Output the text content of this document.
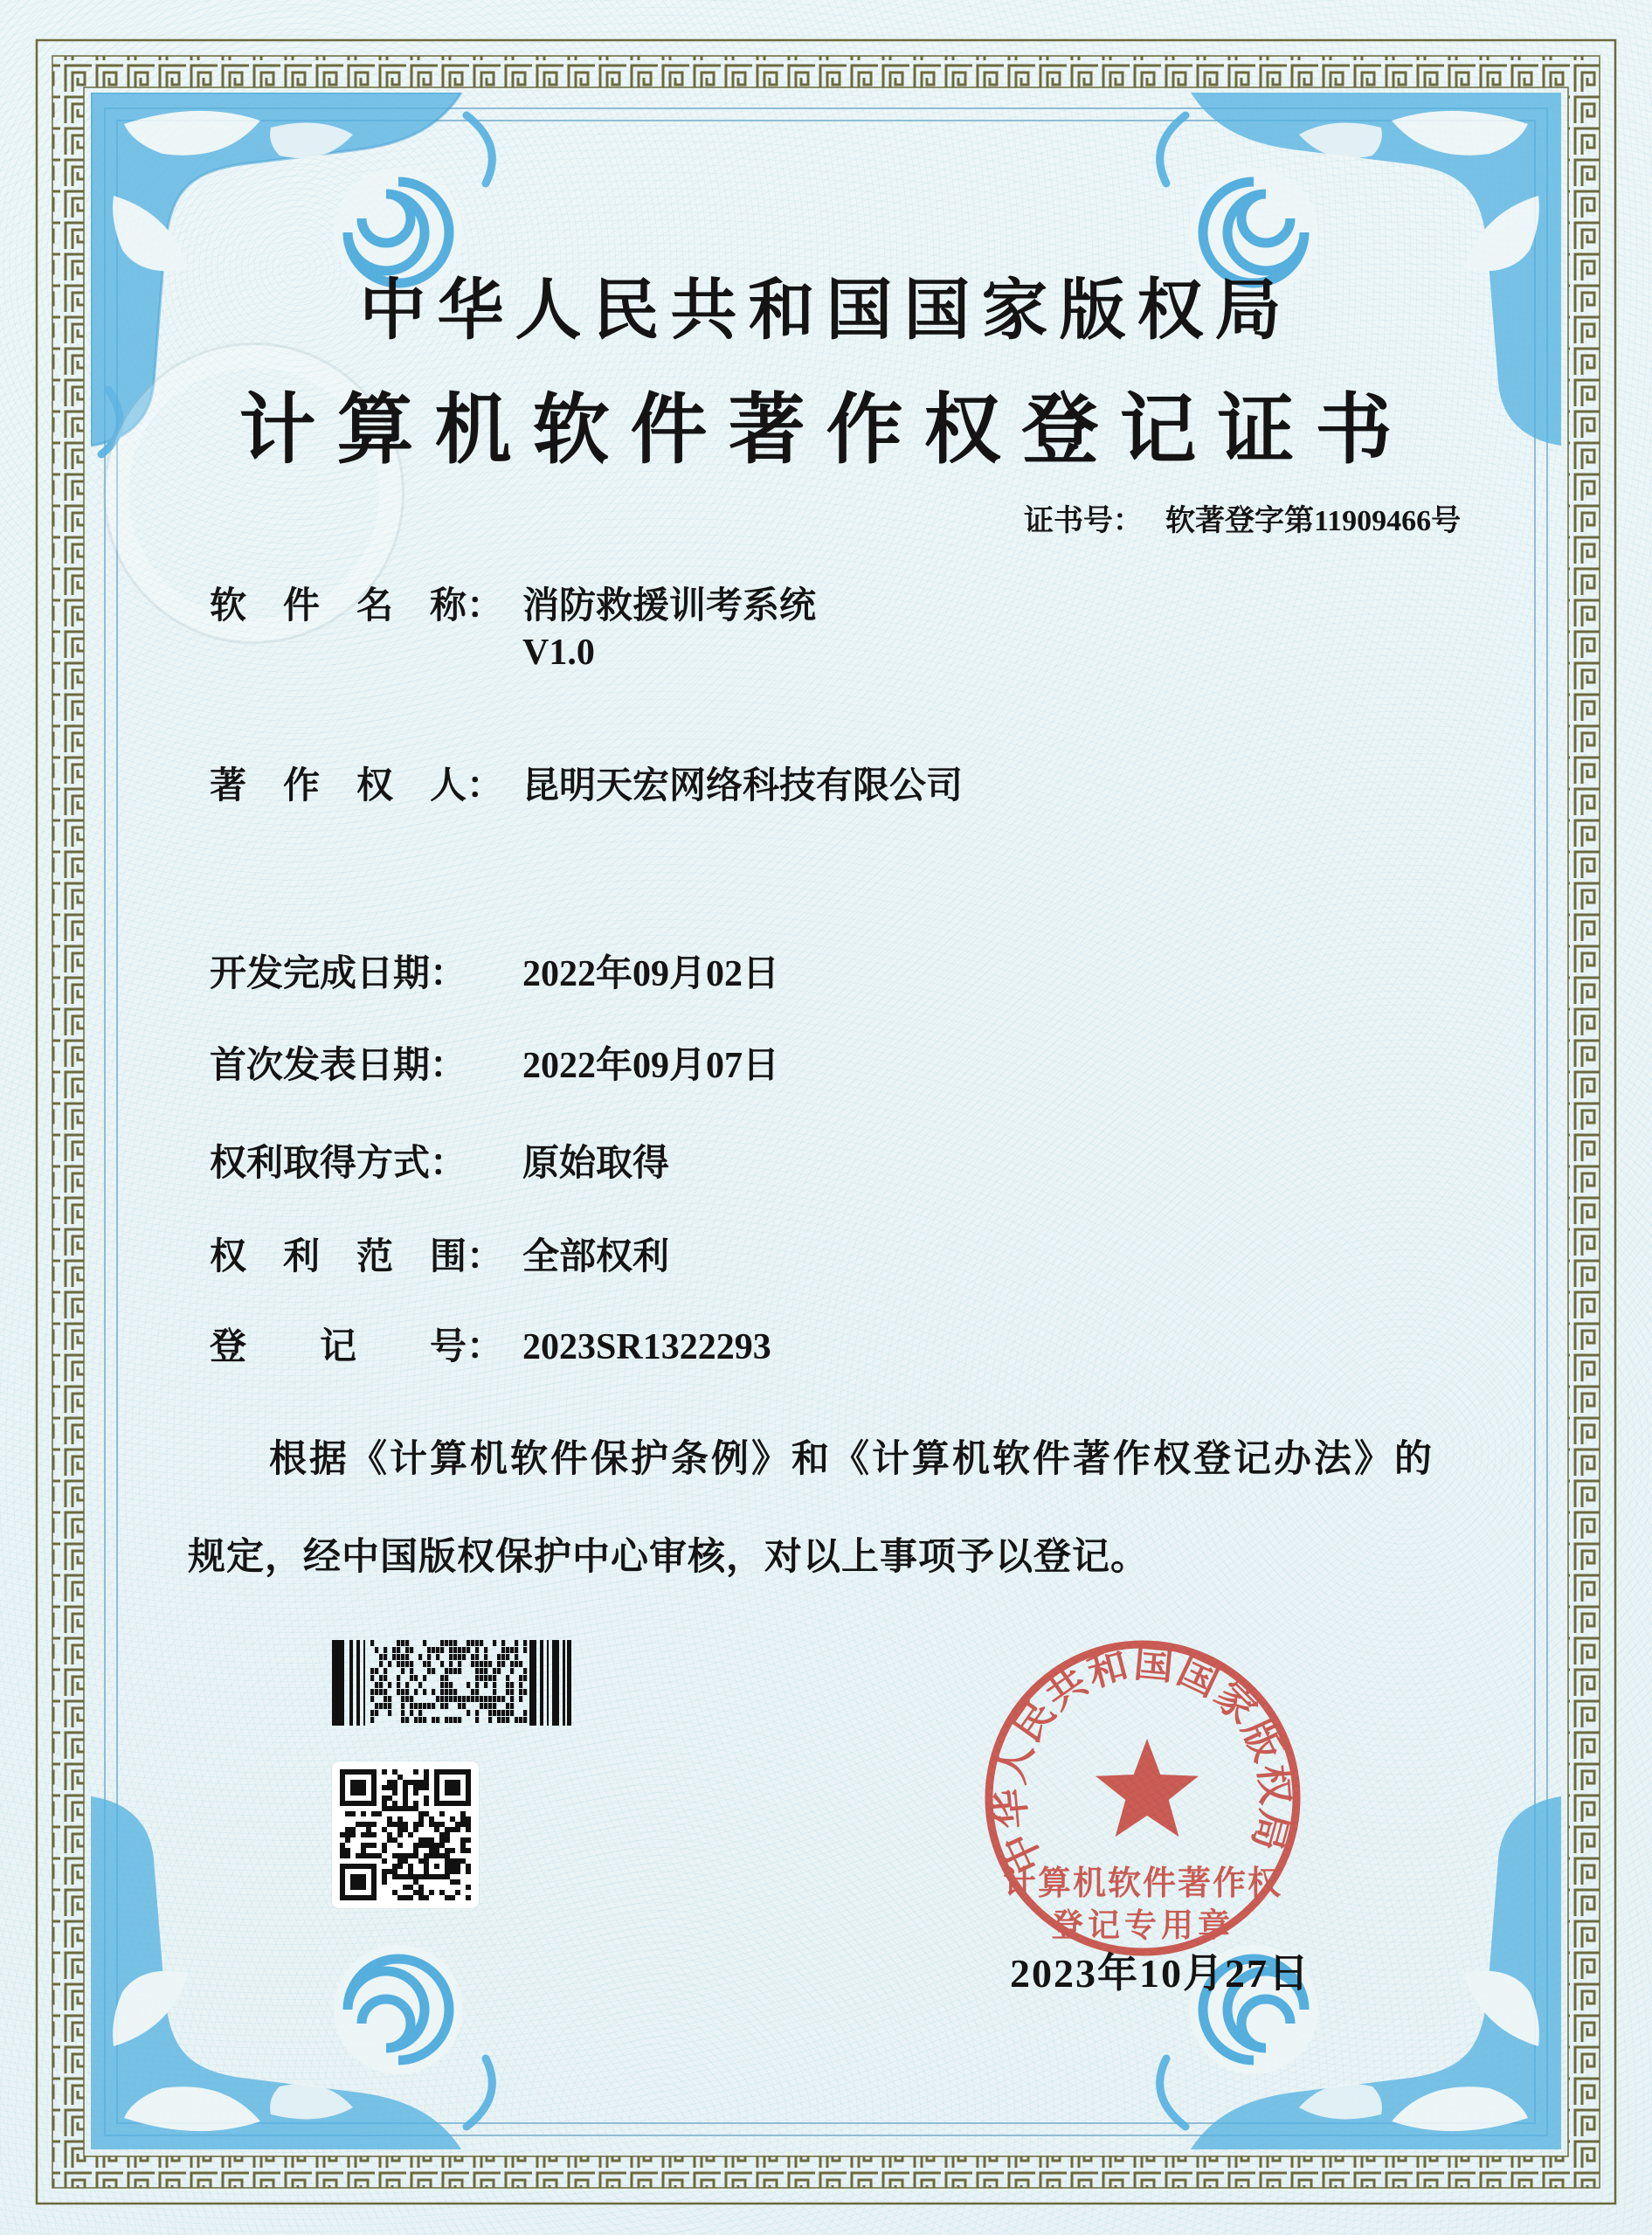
中华人民共和国国家版权局
计算机软件著作权登记证书
证书号： 软著登字第11909466号
软　件　名　称： 消防救援训考系统
V1.0
著　作　权　人： 昆明天宏网络科技有限公司
开发完成日期： 2022年09月02日
首次发表日期： 2022年09月07日
权利取得方式： 原始取得
权　利　范　围： 全部权利
登　　记　　号： 2023SR1322293
根据《计算机软件保护条例》和《计算机软件著作权登记办法》的
规定，经中国版权保护中心审核，对以上事项予以登记。
中华人民共和国国家版权局
计算机软件著作权
登记专用章
2023年10月27日
